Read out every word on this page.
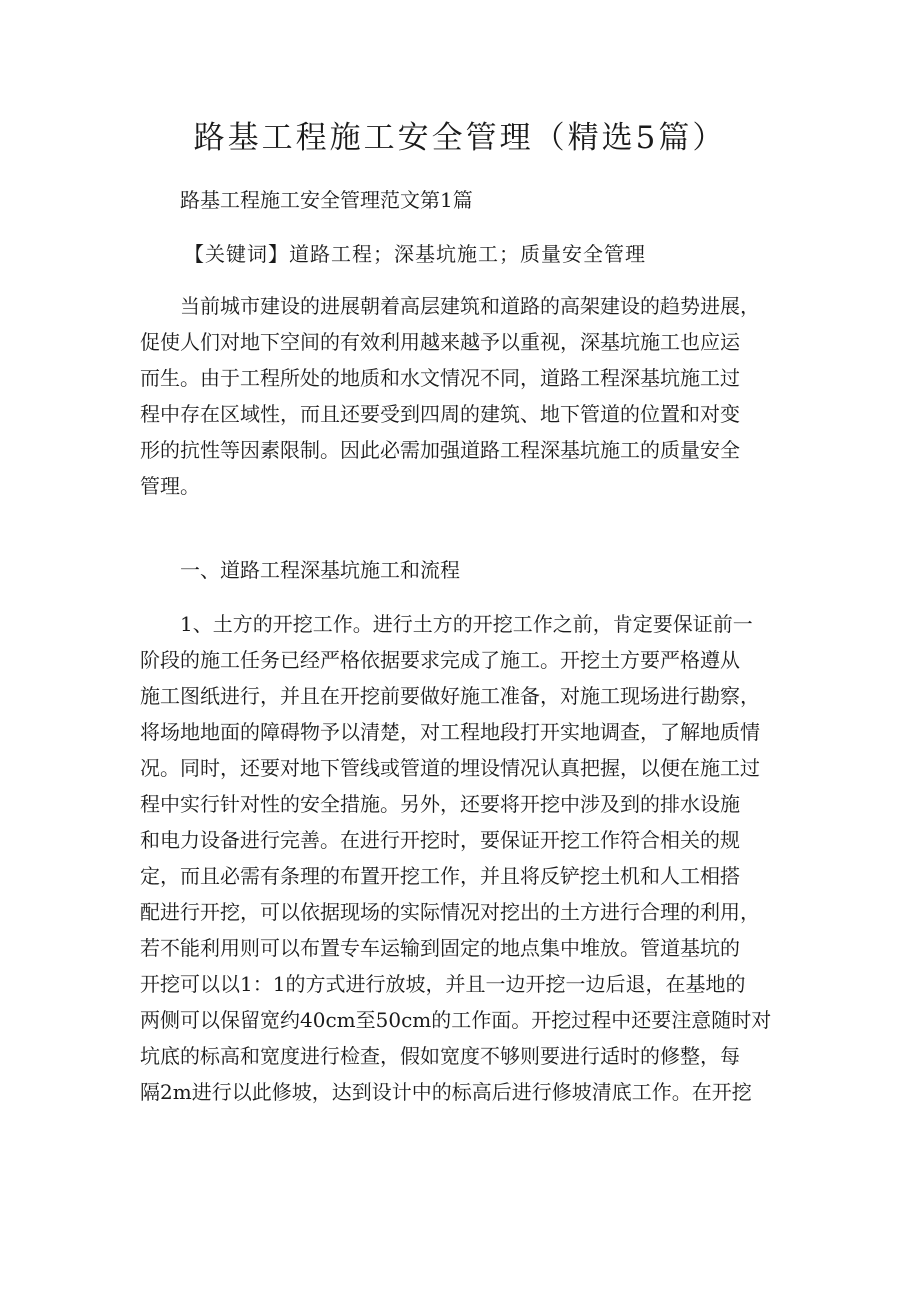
路基工程施工安全管理（精选5篇）

路基工程施工安全管理范文第1篇

【关键词】道路工程；深基坑施工；质量安全管理

当前城市建设的进展朝着高层建筑和道路的高架建设的趋势进展，

促使人们对地下空间的有效利用越来越予以重视，深基坑施工也应运

而生。由于工程所处的地质和水文情况不同，道路工程深基坑施工过

程中存在区域性，而且还要受到四周的建筑、地下管道的位置和对变

形的抗性等因素限制。因此必需加强道路工程深基坑施工的质量安全

管理。

一、道路工程深基坑施工和流程

1、土方的开挖工作。进行土方的开挖工作之前，肯定要保证前一

阶段的施工任务已经严格依据要求完成了施工。开挖土方要严格遵从

施工图纸进行，并且在开挖前要做好施工准备，对施工现场进行勘察，

将场地地面的障碍物予以清楚，对工程地段打开实地调查，了解地质情

况。同时，还要对地下管线或管道的埋设情况认真把握，以便在施工过

程中实行针对性的安全措施。另外，还要将开挖中涉及到的排水设施

和电力设备进行完善。在进行开挖时，要保证开挖工作符合相关的规

定，而且必需有条理的布置开挖工作，并且将反铲挖土机和人工相搭

配进行开挖，可以依据现场的实际情况对挖出的土方进行合理的利用，

若不能利用则可以布置专车运输到固定的地点集中堆放。管道基坑的

开挖可以以1：1的方式进行放坡，并且一边开挖一边后退，在基地的

两侧可以保留宽约40cm至50cm的工作面。开挖过程中还要注意随时对

坑底的标高和宽度进行检查，假如宽度不够则要进行适时的修整，每

隔2m进行以此修坡，达到设计中的标高后进行修坡清底工作。在开挖
